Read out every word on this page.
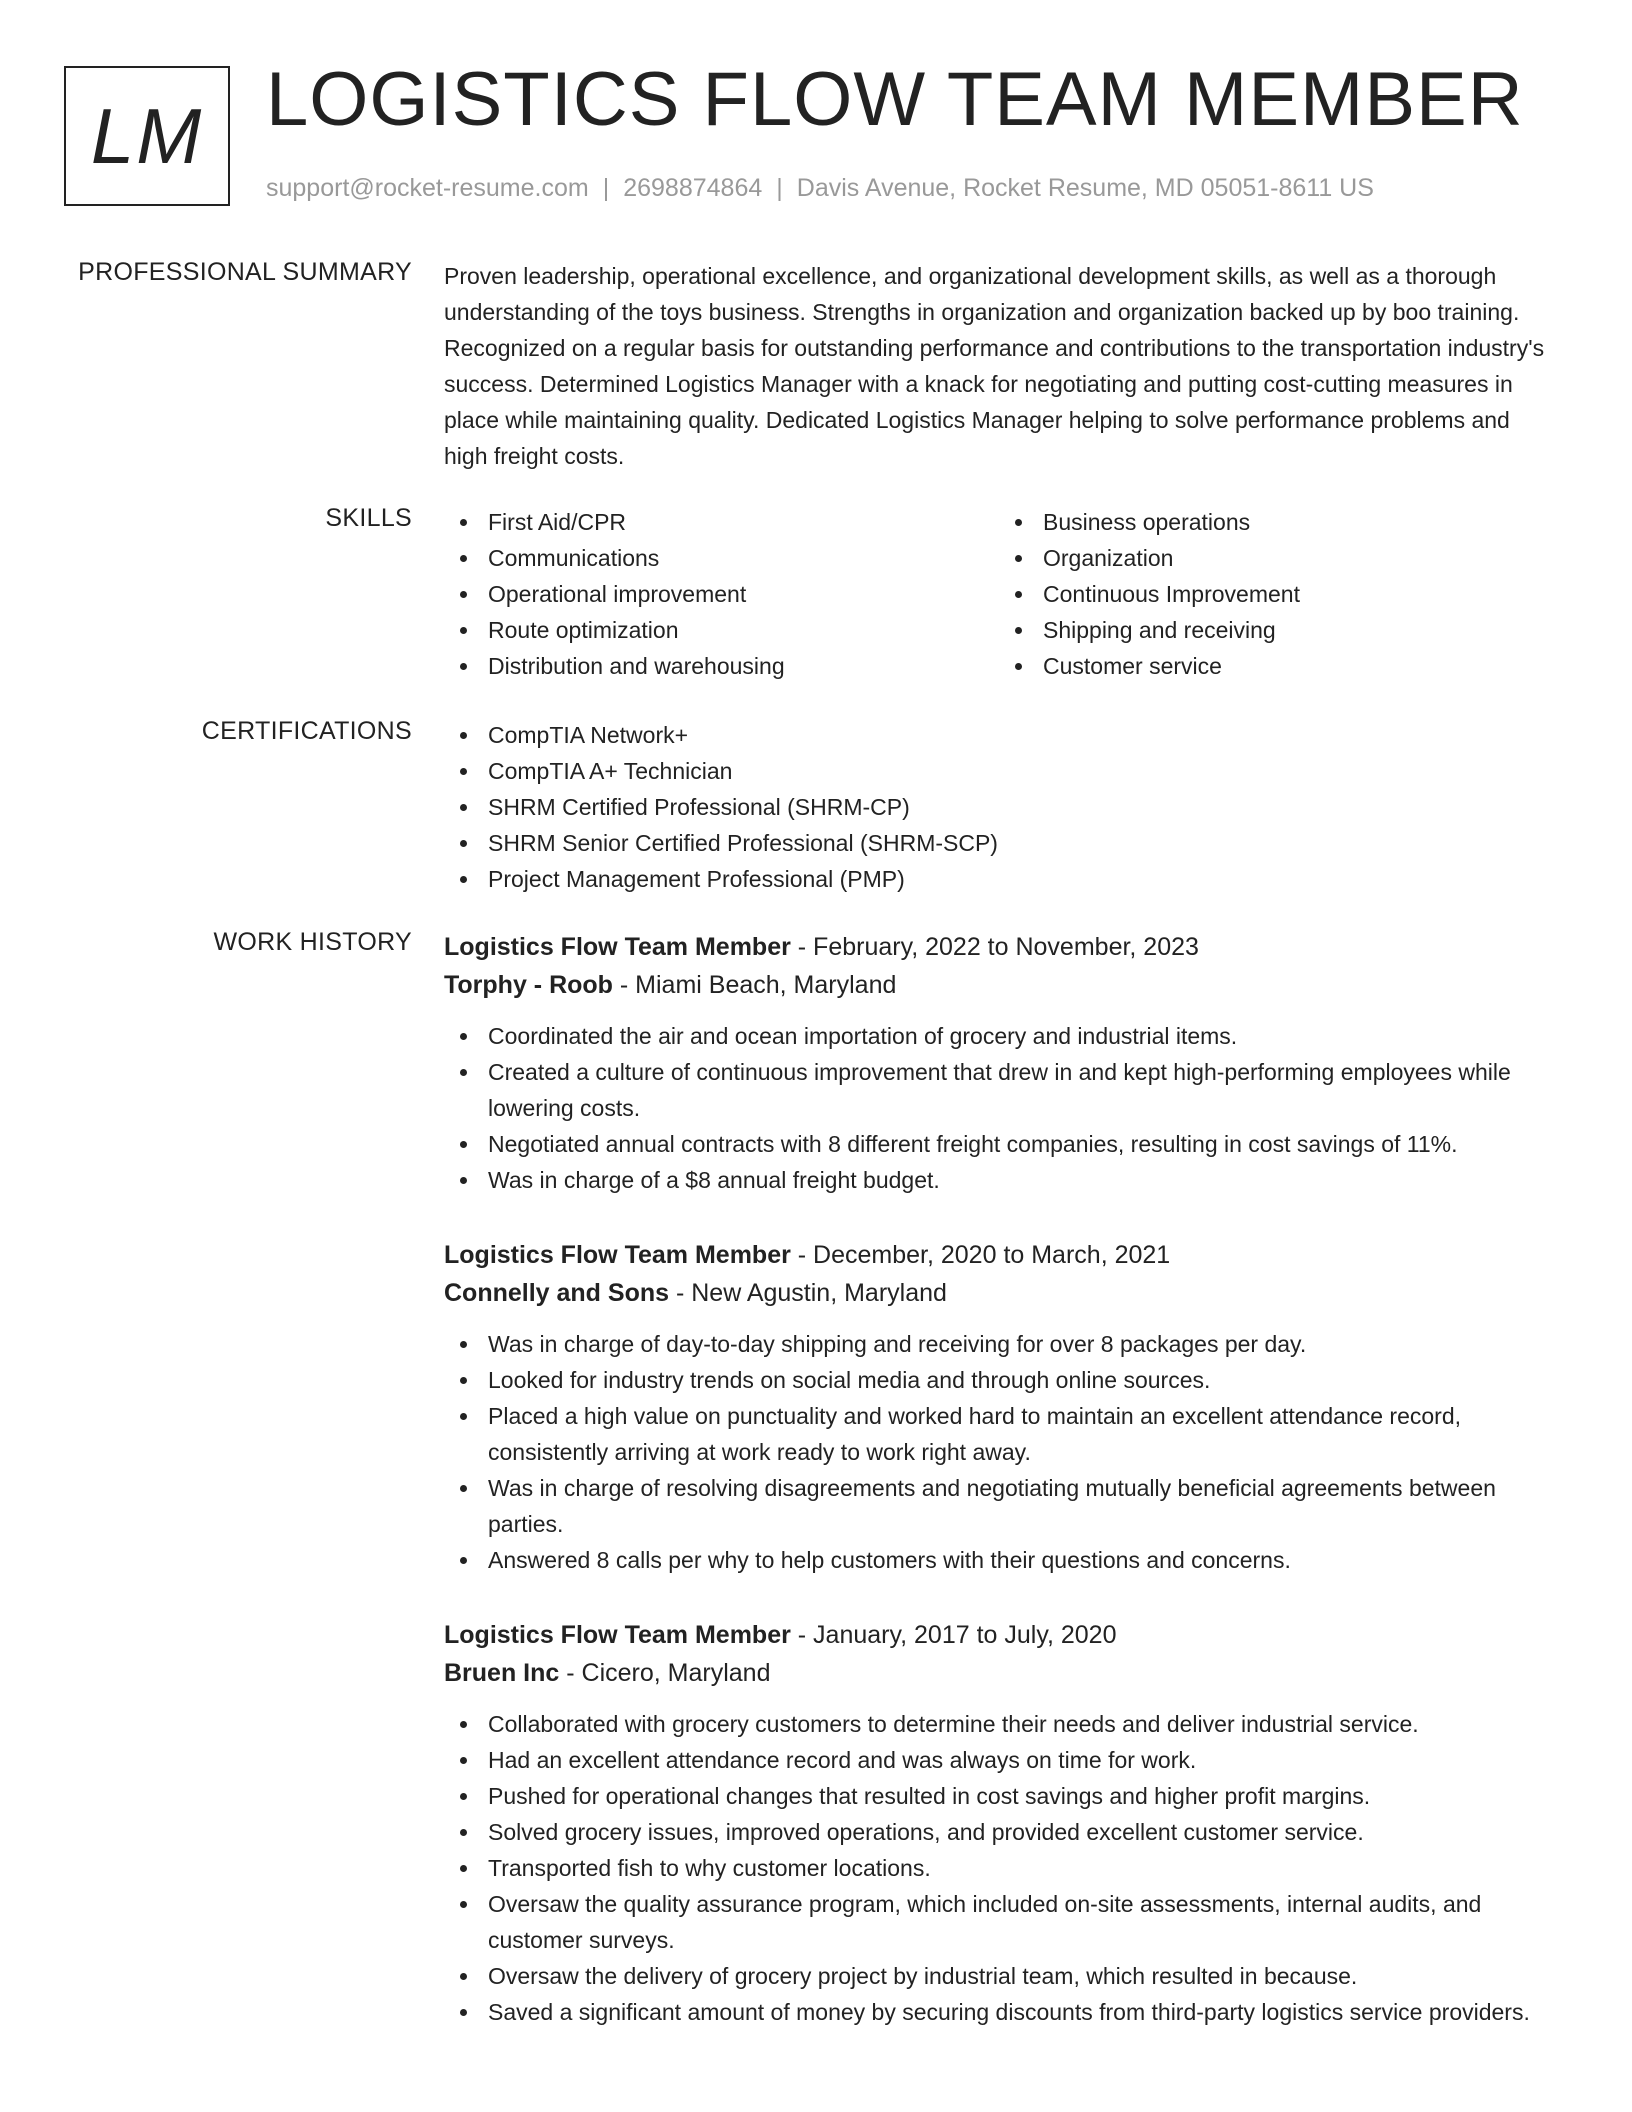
LM LOGISTICS FLOW TEAM MEMBER
support@rocket-resume.com | 2698874864 | Davis Avenue, Rocket Resume, MD 05051-8611 US
PROFESSIONAL SUMMARY Proven leadership, operational excellence, and organizational development skills, as well as a thorough understanding of the toys business. Strengths in organization and organization backed up by boo training. Recognized on a regular basis for outstanding performance and contributions to the transportation industry's success. Determined Logistics Manager with a knack for negotiating and putting cost-cutting measures in place while maintaining quality. Dedicated Logistics Manager helping to solve performance problems and high freight costs.
SKILLS	First Aid/CPR
Communications
Operational improvement
Route optimization
Distribution and warehousing
Business operations
Organization
Continuous Improvement
Shipping and receiving
Customer service
CERTIFICATIONS	CompTIA Network+
CompTIA A+ Technician
SHRM Certified Professional (SHRM-CP)
SHRM Senior Certified Professional (SHRM-SCP)
Project Management Professional (PMP)
WORK HISTORY Logistics Flow Team Member - February, 2022 to November, 2023
Torphy - Roob - Miami Beach, Maryland
Coordinated the air and ocean importation of grocery and industrial items.
Created a culture of continuous improvement that drew in and kept high-performing employees while lowering costs.
Negotiated annual contracts with 8 different freight companies, resulting in cost savings of 11%.
Was in charge of a $8 annual freight budget.
Logistics Flow Team Member - December, 2020 to March, 2021
Connelly and Sons - New Agustin, Maryland
Was in charge of day-to-day shipping and receiving for over 8 packages per day.
Looked for industry trends on social media and through online sources.
Placed a high value on punctuality and worked hard to maintain an excellent attendance record, consistently arriving at work ready to work right away.
Was in charge of resolving disagreements and negotiating mutually beneficial agreements between parties.
Answered 8 calls per why to help customers with their questions and concerns.
Logistics Flow Team Member - January, 2017 to July, 2020
Bruen Inc - Cicero, Maryland
Collaborated with grocery customers to determine their needs and deliver industrial service.
Had an excellent attendance record and was always on time for work.
Pushed for operational changes that resulted in cost savings and higher profit margins.
Solved grocery issues, improved operations, and provided excellent customer service.
Transported fish to why customer locations.
Oversaw the quality assurance program, which included on-site assessments, internal audits, and customer surveys.
Oversaw the delivery of grocery project by industrial team, which resulted in because.
Saved a significant amount of money by securing discounts from third-party logistics service providers.
